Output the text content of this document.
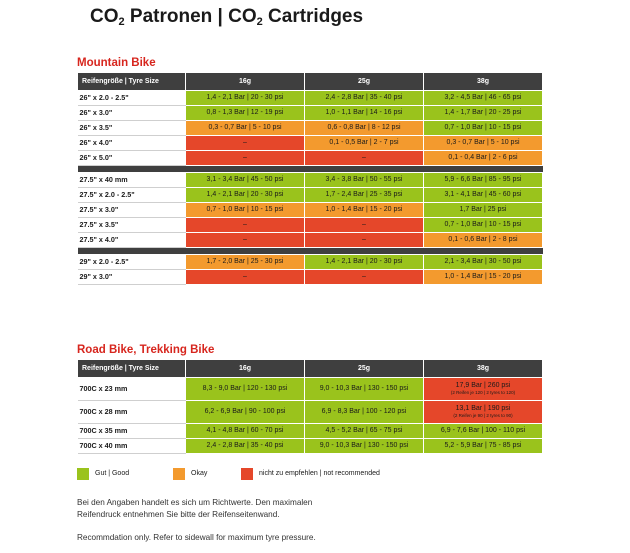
$CO_2$ Patronen | $CO_2$ Cartridges
Mountain Bike
Reifengröße | Tyre Size	16g	25g	38g
26" x 2.0 - 2.5"	1,4 - 2,1 Bar | 20 - 30 psi	2,4 - 2,8 Bar | 35 - 40 psi	3,2 - 4,5 Bar | 46 - 65 psi
26" x 3.0"	0,8 - 1,3 Bar | 12 - 19 psi	1,0 - 1,1 Bar | 14 - 16 psi	1,4 - 1,7 Bar | 20 - 25 psi
26" x 3.5"	0,3 - 0,7 Bar | 5 - 10 psi	0,6 - 0,8 Bar | 8 - 12 psi	0,7 - 1,0 Bar | 10 - 15 psi
26" x 4.0"	–	0,1 - 0,5 Bar | 2 - 7 psi	0,3 - 0,7 Bar | 5 - 10 psi
26" x 5.0"	–	–	0,1 - 0,4 Bar | 2 - 6 psi

27.5" x 40 mm	3,1 - 3,4 Bar | 45 - 50 psi	3,4 - 3,8 Bar | 50 - 55 psi	5,9 - 6,6 Bar | 85 - 95 psi
27.5" x 2.0 - 2.5"	1,4 - 2,1 Bar | 20 - 30 psi	1,7 - 2,4 Bar | 25 - 35 psi	3,1 - 4,1 Bar | 45 - 60 psi
27.5" x 3.0"	0,7 - 1,0 Bar | 10 - 15 psi	1,0 - 1,4 Bar | 15 - 20 psi	1,7 Bar | 25 psi
27.5" x 3.5"	–	–	0,7 - 1,0 Bar | 10 - 15 psi
27.5" x 4.0"	–	–	0,1 - 0,6 Bar | 2 - 8 psi

29" x 2.0 - 2.5"	1,7 - 2,0 Bar | 25 - 30 psi	1,4 - 2,1 Bar | 20 - 30 psi	2,1 - 3,4 Bar | 30 - 50 psi
29" x 3.0"	–	–	1,0 - 1,4 Bar | 15 - 20 psi
Road Bike, Trekking Bike
Reifengröße | Tyre Size	16g	25g	38g
700C x 23 mm	8,3 - 9,0 Bar | 120 - 130 psi	9,0 - 10,3 Bar | 130 - 150 psi	17,9 Bar | 260 psi
(2 Reifen je 120 | 2 tyres to 120)

700C x 28 mm	6,2 - 6,9 Bar | 90 - 100 psi	6,9 - 8,3 Bar | 100 - 120 psi	13,1 Bar | 190 psi
(2 Reifen je 90 | 2 tyres to 90)

700C x 35 mm	4,1 - 4,8 Bar | 60 - 70 psi	4,5 - 5,2 Bar | 65 - 75 psi	6,9 - 7,6 Bar | 100 - 110 psi
700C x 40 mm	2,4 - 2,8 Bar | 35 - 40 psi	9,0 - 10,3 Bar | 130 - 150 psi	5,2 - 5,9 Bar | 75 - 85 psi
Gut | Good	Okay	nicht zu empfehlen | not recommended
Bei den Angaben handelt es sich um Richtwerte. Den maximalen
Reifendruck entnehmen Sie bitte der Reifenseitenwand.
Recommdation only. Refer to sidewall for maximum tyre pressure.
